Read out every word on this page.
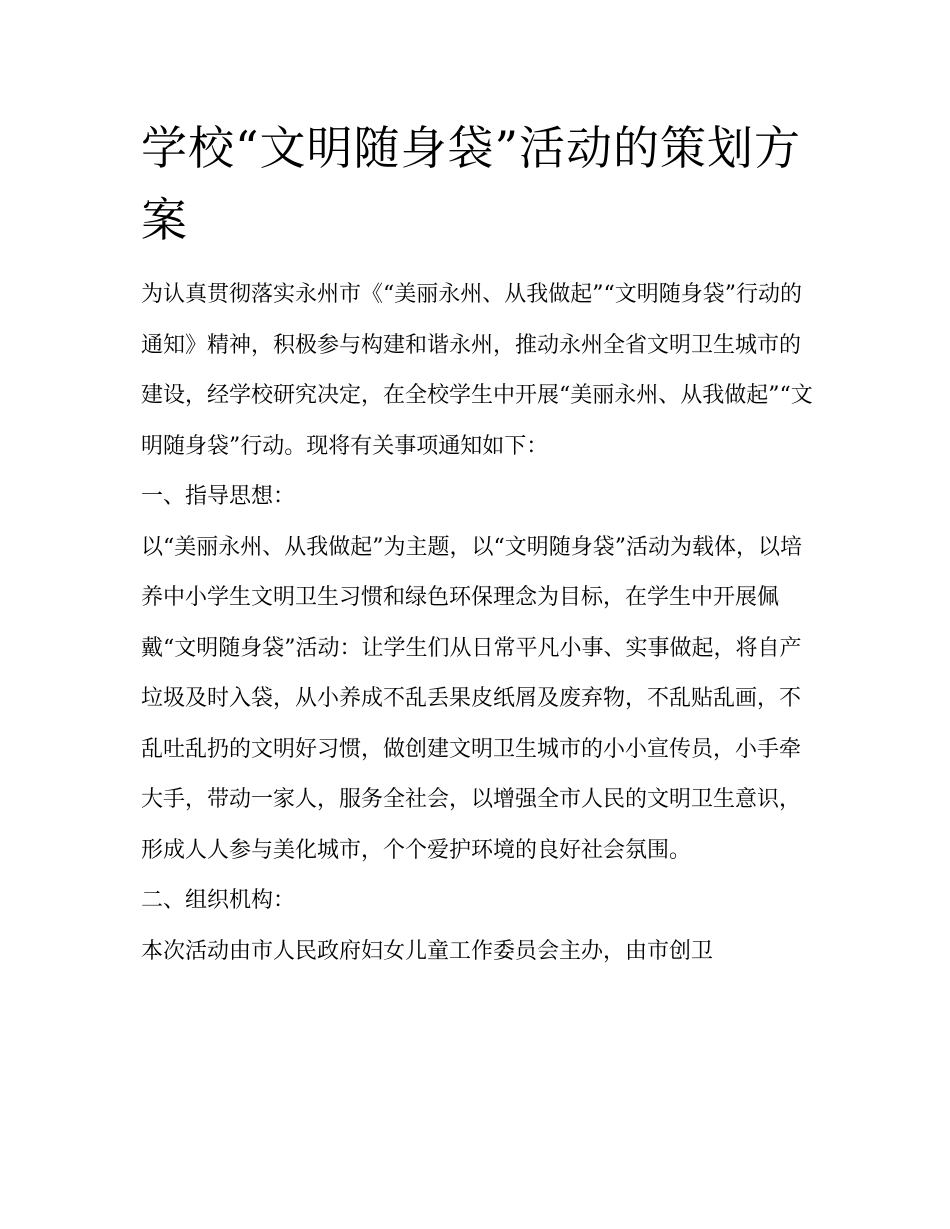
学校“文明随身袋”活动的策划方案

为认真贯彻落实永州市《“美丽永州、从我做起”“文明随身袋”行动的通知》精神，积极参与构建和谐永州，推动永州全省文明卫生城市的建设，经学校研究决定，在全校学生中开展“美丽永州、从我做起”“文明随身袋”行动。现将有关事项通知如下：

一、指导思想：

以“美丽永州、从我做起”为主题，以“文明随身袋”活动为载体，以培养中小学生文明卫生习惯和绿色环保理念为目标，在学生中开展佩戴“文明随身袋”活动：让学生们从日常平凡小事、实事做起，将自产垃圾及时入袋，从小养成不乱丢果皮纸屑及废弃物，不乱贴乱画，不乱吐乱扔的文明好习惯，做创建文明卫生城市的小小宣传员，小手牵大手，带动一家人，服务全社会，以增强全市人民的文明卫生意识，形成人人参与美化城市，个个爱护环境的良好社会氛围。

二、组织机构：

本次活动由市人民政府妇女儿童工作委员会主办，由市创卫
